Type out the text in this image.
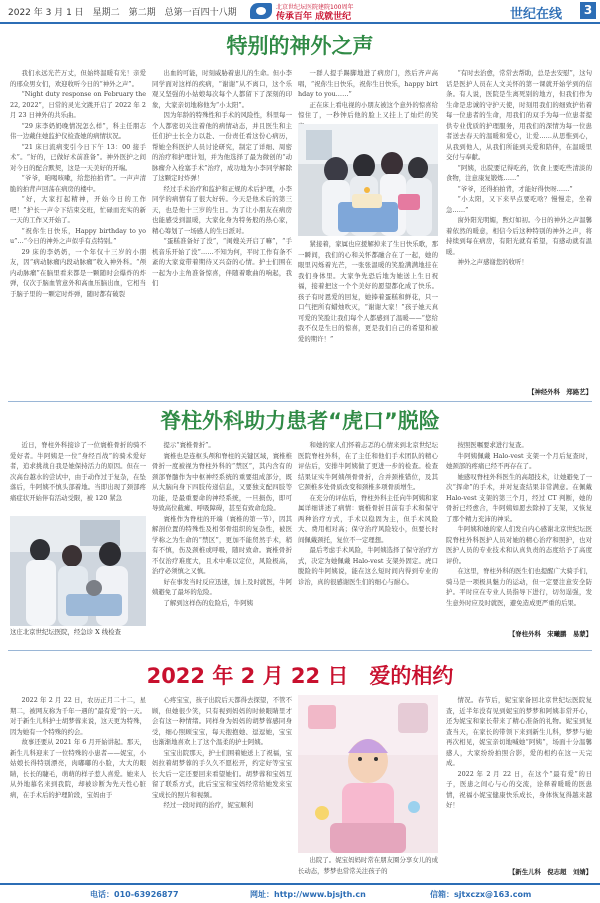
2022 年 3 月 1 日　星期二　第二期　总第一百四十八期
北京世纪坛医院建院100周年
传承百年 成就世纪	世纪在线	3
特别的神外之声

我们永远光芒万丈，但始终温暖有光！亲爱的邢众男女们，欢迎收听今日的“神外之声”。

“Night duty response on February the 22, 2022”，日常的灵光文跳开启了 2022 年 2 月 23 日神外的共乐曲。

“29 床李奶奶晚情况怎么样”，科主任朋志伟一边戴住她监护仪检查她的病情状况。

“21 床日流病变引今日下午 13：00 接手术”。“好的，已做好术前准备”。神外医护之间对今日的配合默契，这是一天美好的开端。

“爷爷，咱喝咳嗽，给您拍拍背”。一声声清脆的拍背声回荡在病房的楼中。

“好，大家打起精神，开始今日的工作吧！”护长一声令下结束交班，忙碌而充实的新一天的工作又开始了。

“祝你生日快乐，Happy birthday to you”…“今日的神外之声似乎有点特别。”

29 床的李奶奶，一个年仅十三岁的小朋友，因“病动脉瘤内段动脉瘤”收入神外科。“颅内动脉瘤”在脑里看来都是一颗随时会爆炸的炸弹，仅次于脑血管意外和高血压脑出血，它相当于脑子里的一颗定时炸弹，随时都有破裂

出血的可能，时刻威胁着患儿的生命。但小李同学面对这样的疾病，“谢谢”从不离口，这个乐观又坚强的小姑娘每次每个人都留下了深刻的印象，大家亲切地称他为“小太阳”。

因为年龄的特殊性和手术的风险性，科里每一个人都密切关注着他的病情动态，并且医生和主任们护士长全力以赴、一份责任看这份心病历，帮她全科医护人员讨论研究，制定了详细、周密的治疗和护理计划，并为他选择了最为微创的“动脉瘤介入栓塞手术”治疗，成功地为小李同学解除了这颗定时炸弹！

经过手术治疗和监护和正规的术后护理，小李同学的病情有了很大好转。今天是他术后的第三天，也是他十三岁的生日。为了让小朋友在病房也能感受到温暖，大家化身为特务般的热心家，精心筹划了一场感人的生日派对。

“蛋糕准备好了没”，“闺嫂关开启了嘛”，“手机音乐开始了没”……不知为何，平时工作有条不紊的大家竟带着期待又兴奋的心情。护士们围在一起为小主角准备惊喜，伴随着歌曲的响起，我们

一群人提手踢脚地进了病房门，然后齐声高唱，“祝你生日快乐，祝你生日快乐，happy birthday to you……”

正在床上看电视的小朋友被这个意外的惊喜给惊住了，一秒钟后他的脸上又挂上了灿烂的笑

紧接着，家属也应援解掉来了生日快乐歌，那一瞬间，我们的心和关怀都融合在了一起，她的眼里闪烁着光芒，一张张温暖的笑脸满满地挂在我们身体里。大家争先恐后地为她送上生日祝福，接着把这一个个美好的愿望都化成了快乐。孩子有时恩爱的回复，她捧着蛋糕和鲜花，只一口气把所有蜡烛吹灭，“谢谢大家！”孩子她天真可爱的笑脸让我们每个人都感到了温暖——“您给我不仅是生日的惊喜，更是我们自己的希望和被爱的期许！”

“有时去治愈，常常去帮助，总是去安慰”，这句话是医护人员在人文关怀的第一课就开始学到的信条。有人说，医院是生离死别的地方，但我们作为生命是忠诚的守护天使，时刻用我们的细致护佑着每一位患者的生命，用我们的双手为每一位患者提供专业优质的护理服务，用我们的深情为每一位患者送去春天的温暖和爱心，让爱……从思惟到心，从我到他人，从我们所能到关爱和陪伴，在温暖里交付与奉献。

“阿姨，出院要记得吃药，饮食上要吃些清淡的食物，注意康复锻炼……”

“爷爷，还得拍拍背，才能好得快呀……”

“小太阳，又下来早点要吃啥？慢慢走，坐着急……”

窗外阳光明媚，煦灯如初。今日的神外之声温馨着依然的暖意，相信今后这种特别的神外之声，将持续到每在病房，有阳光就有希望，有感动就有温暖。

神外之声感谢您的收听！

【神经外科　郑路艺】
脊柱外科助力患者“虎口”脱险

近日，脊柱外科接诊了一位寰椎骨折的骑不爱好者。牛阿姨是一位“身经百战”的骑术爱好者，追求挑战自我是她保持活力的原因。但在一次高台越水的尝试中，由于动作过于复杂，在坠落后，牛阿姨不慎头部着地。当即出现了颈部疼痛症状开始伴有活动受限，被 120 紧急

这庄北京世纪坛医院，经急诊 X 线检查

提示“寰椎骨折”。

寰椎也是连枢头颅和脊柱的关键区域，寰椎椎骨折一度被视为脊柱外科的“禁区”，其内含有的颈部脊髓作为中枢神经系统的重要组成部分，既从大脑向身下四肢传递信息，又要独支配四肢等功能，是最重要命的神经系统，一旦损伤，即可导致高位截瘫、呼吸障碍，甚至有致命危险。

寰椎作为脊柱的开端（寰椎的第一节），因其解剖位置的特殊性及相邻骨组织的复杂性，被医学称之为生命的“禁区”，更加不能贸然手术，稍有不慎，伤及颈椎或呼吸，随时致命。寰椎骨折不仅治疗难度大，且术中难以定位，风险极高，治疗必须慎之又慎。

好在事发当时反应迅速，加上及时就医，牛阿姨避免了最坏的危险。

了解到这样伤的危险后，牛阿姨

和她的家人们怀着忐忑的心情来到北京世纪坛医院脊柱外科，在了主任和他们手术团队的精心评估后，安排牛阿姨做了更进一步的检查。检查结果证实牛阿姨颅骨骨折，合并颈椎错位，及其它颈椎多处骨质改变和颈椎多项骨质增生。

在充分的评估后，脊柱外科主任向牛阿姨和家属详细讲述了病情：寰椎骨折目前有手术和保守两种治疗方式，手术以稳固为主，但手术风险大、费用相对高；保守治疗风险较小，但要长时间佩戴颈托，复位不一定理想。

最后考虑手术风险，牛阿姨选择了保守治疗方式，决定为她佩戴 Halo-vest 支架外固定。虎口脱险的牛阿姨说，能在这么短时间内得到专业的诊治，真的很感谢医生们的细心与耐心。

按照医嘱要求进行复查。

牛阿姨佩戴 Halo-vest 支架一个月后复查时，她颈部的疼痛已经不再存在了。

她感叹脊柱外科医生的高超技术，让她避免了一次“挥命”的手术，并对复查结果非常满意。在佩戴 Halo-vest 支架的第三个月，经过 CT 判断，她的骨折已经愈合，牛阿姨如愿去除掉了支架，又恢复了那个精力充沛的神采。

牛阿姨和她的家人们发自内心感谢北京世纪坛医院脊柱外科医护人员对她的精心治疗和照护，也对医护人员的专业技术和认真负责的态度给予了高度评价。

在这里，脊柱外科的医生们也提醒广大骑手们，骑马是一项极具魅力的运动，但一定要注意安全防护。平时应在专业人员指导下进行，切勿逞强，发生意外时应及时就医，避免造成更严重的后果。

【脊柱外科　宋曦鹏　易蒙】
2022 年 2 月 22 日　爱的相约

2022 年 2 月 22 日，农历正月二十二，星期二，被网友称为千年一遇的“最有爱”的一天。对于新生儿科护士胡梦蓉来说，这天更为特殊，因为她有一个特殊的约会。

故事还要从 2021 年 6 月开始讲起。那天，新生儿科迎来了一位特殊的小患者——妮宝，小姑娘长得特别漂亮，肉嘟嘟的小脸，大大的眼睛，长长的睫毛，萌萌的样子惹人喜爱。她来人从外地慕名来到我院，却被诊断为先天性心脏病，在手术后的护理阶段，宝妈由于

心疼宝宝，孩子出院后天都得去探望，不管不顾，但她很少笑，只有视到妈妈的时候眼睛里才会有这一种情绪。同样身为妈妈的胡梦蓉感同身受，细心照顾宝宝，每天抱抱她、逗逗她，宝宝也渐渐地喜欢上了这个温柔的护士阿姨。

宝宝出院那天，护士们围着她送上了祝福，宝妈拉着胡梦蓉的手久久不愿松开，约定好等宝宝长大后一定还要回来看望她们。胡梦蓉和宝妈互留了联系方式，此后宝宝和宝妈经常给她发来宝宝成长的照片和视频。

经过一段时间的治疗，妮宝顺利

出院了。妮宝妈妈时常在朋友圈分享女儿的成长动态，梦梦也常常关注孩子的

情况。春节后，妮宝家备回北京世纪坛医院复查，近半年没有见到妮宝的梦梦和阿姨非常开心，还为妮宝和家长带来了精心准备的礼物。妮宝到复查当天，在家长的带领下来到新生儿科，梦梦与她再次相见，妮宝亲切地喊她“阿姨”，场面十分温馨感人，大家纷纷拍照合影，爱的相约在这一天完成。

2022 年 2 月 22 日，在这个“最有爱”的日子，医患之间心与心的交流，诠释着暖暖的医患情，祝福小妮宝健康快乐成长，身体恢复得越来越好！

【新生儿科　倪志超　刘婧】
电话：010-63926877	网址：http://www.bjsjth.cn	信箱：sjtxczx@163.com
